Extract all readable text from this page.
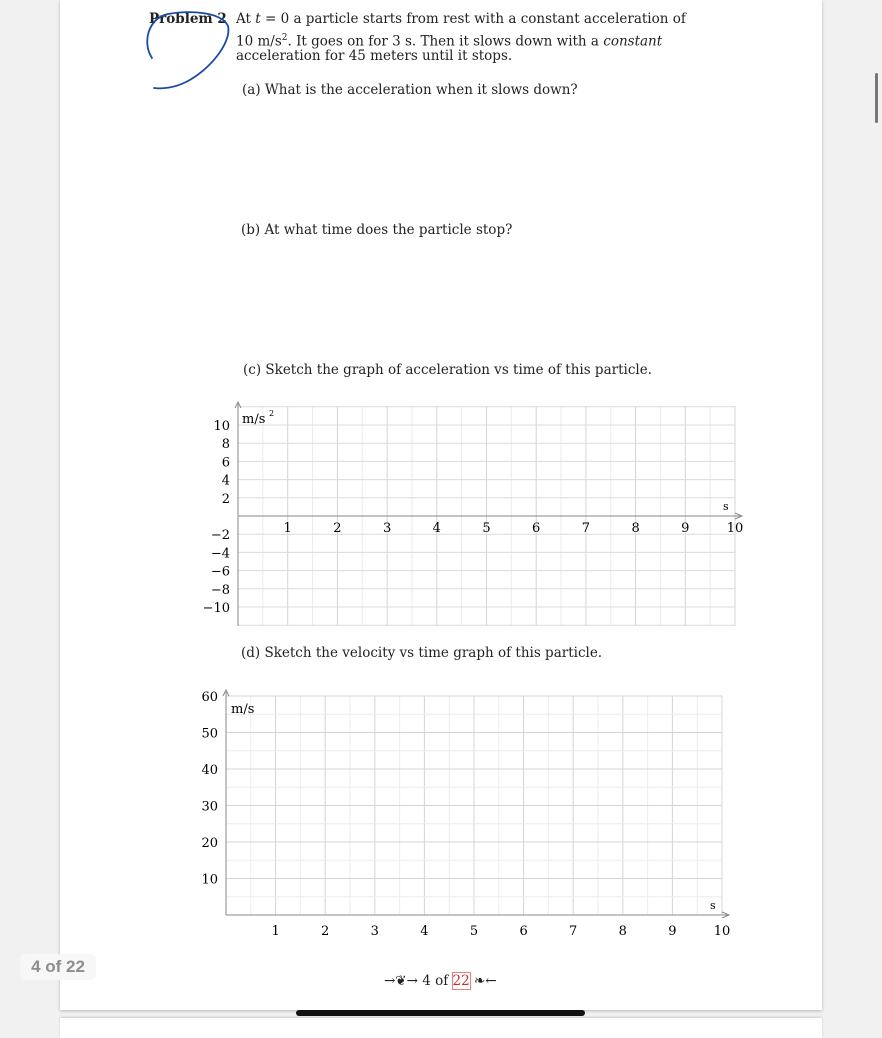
Problem 2 At t = 0 a particle starts from rest with a constant acceleration of
10 $m/s^2$. It goes on for 3 s. Then it slows down with a constant
acceleration for 45 meters until it stops.
(a) What is the acceleration when it slows down?
(b) At what time does the particle stop?
(c) Sketch the graph of acceleration vs time of this particle.
(d) Sketch the velocity vs time graph of this particle.
10
8
6
4
2
−2
−4
−6
−8
−10
1	2	3	4	5	6	7	8	9	10
m/s 2
s
60
50
40
30
20
10
1	2	3	4	5	6	7	8	9	10
m/s
s
→❦→ 4 of 22 ❧←
4 of 22
